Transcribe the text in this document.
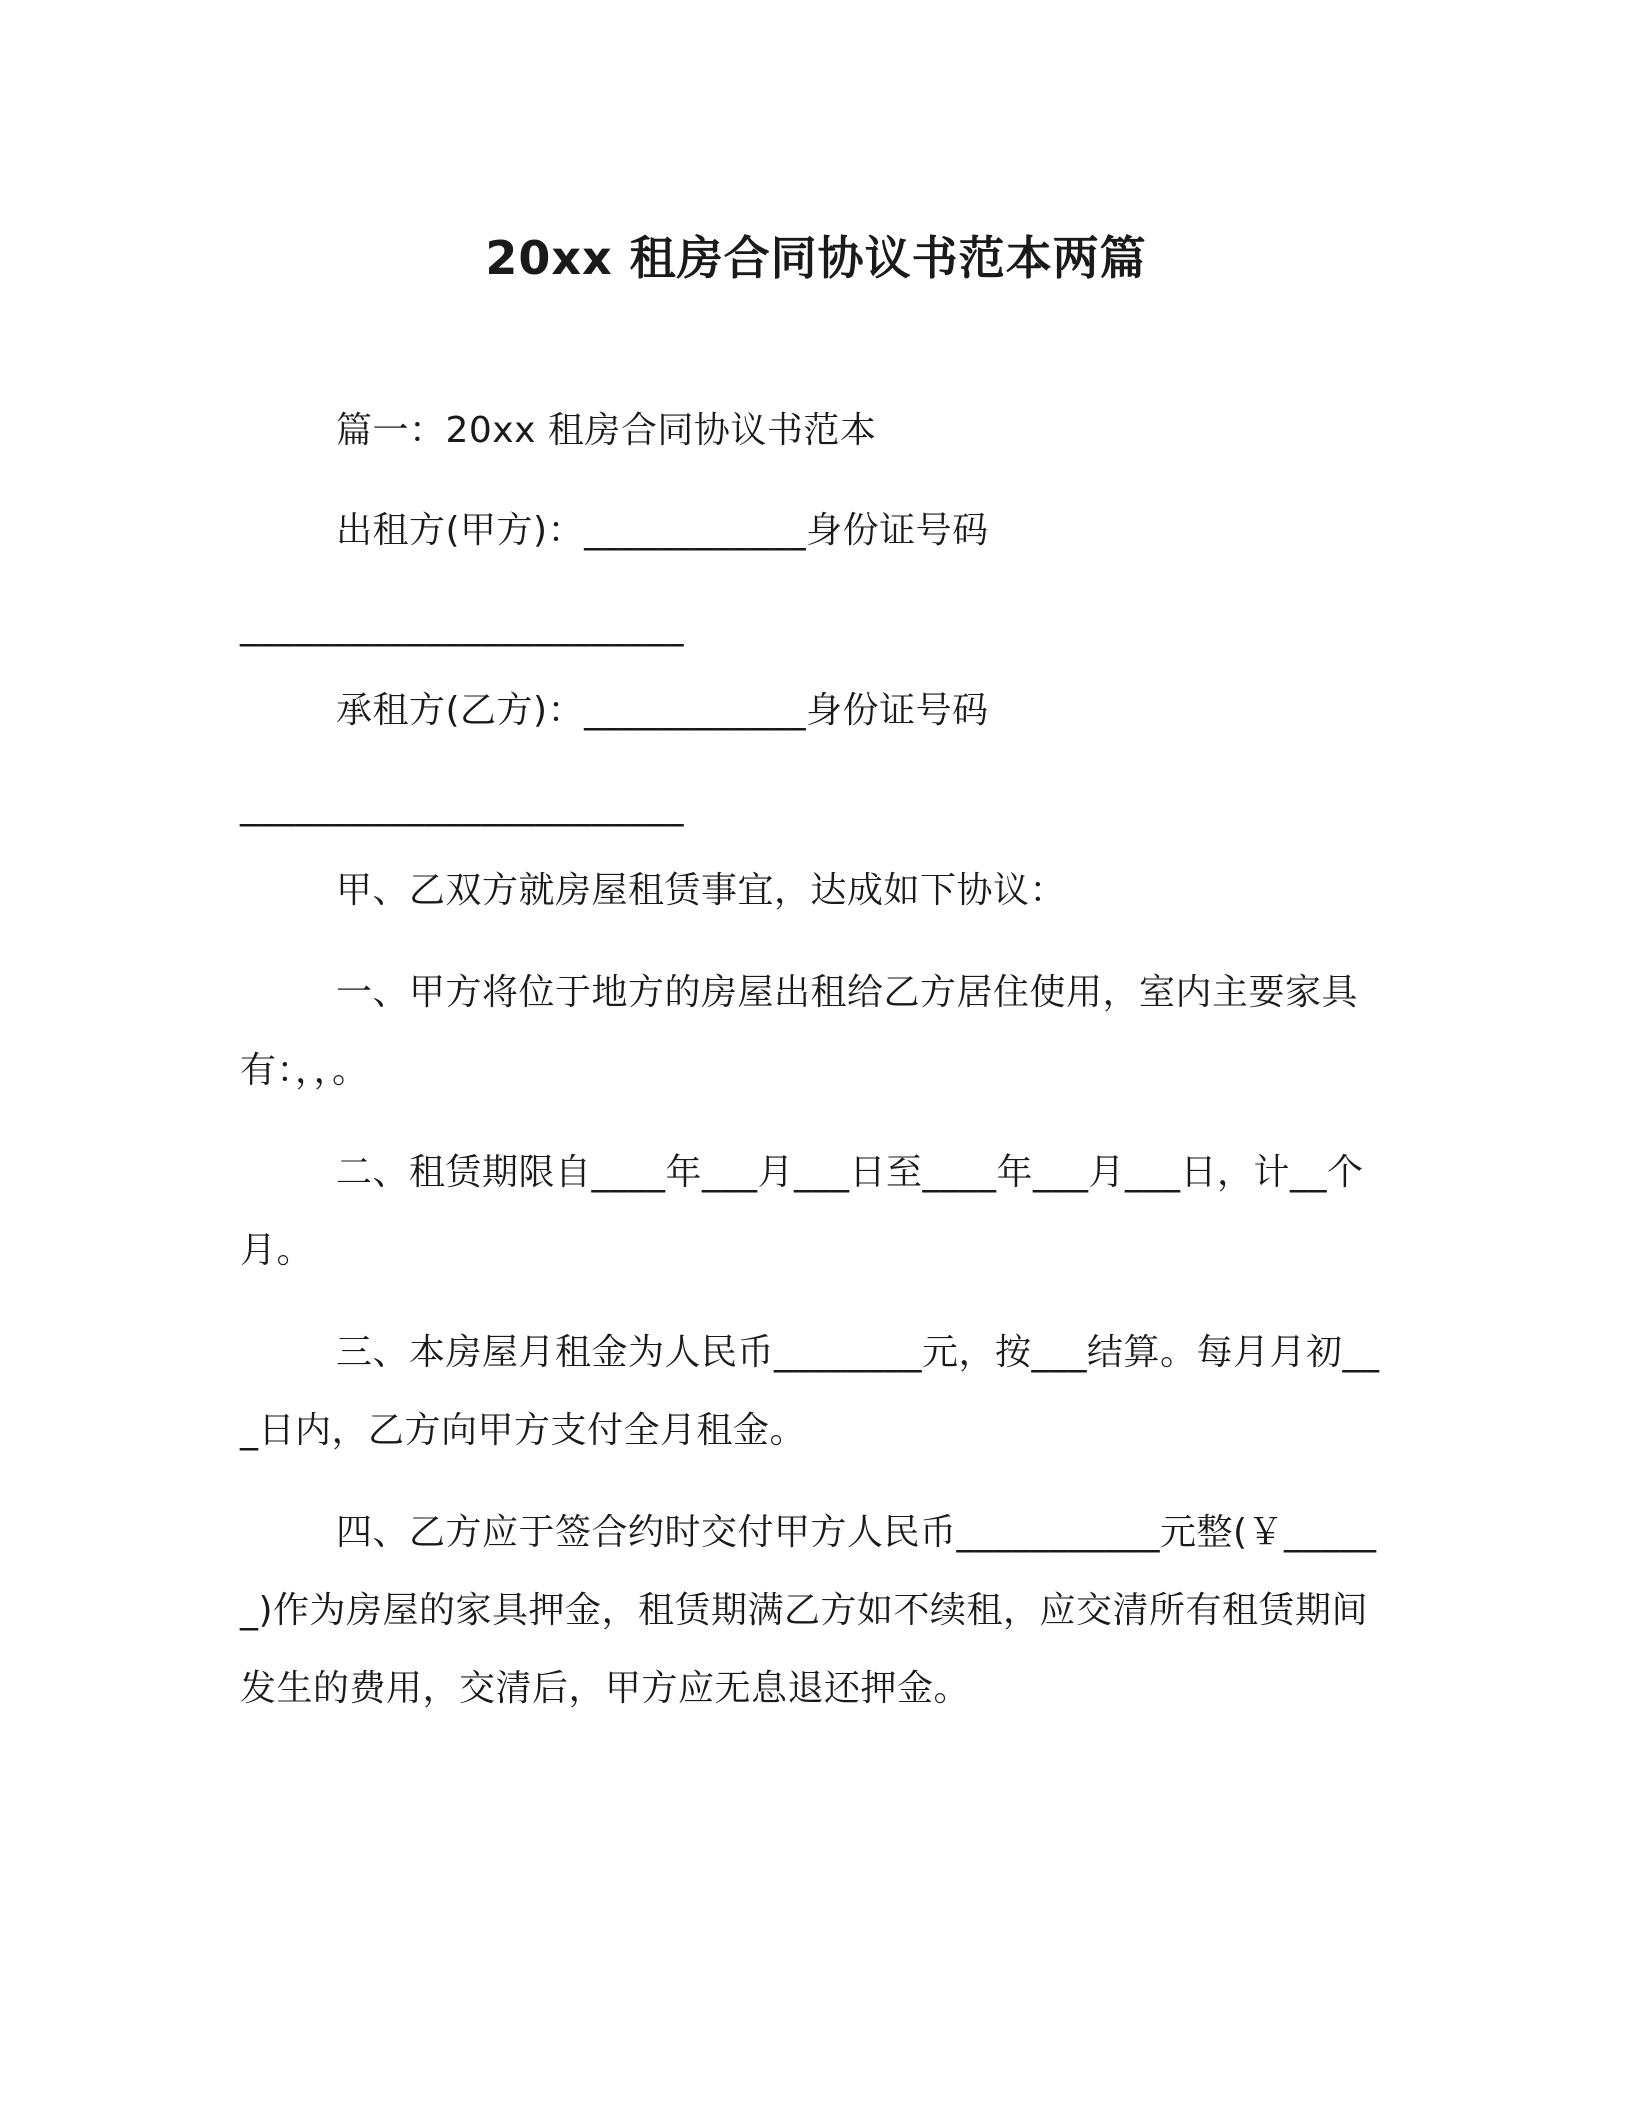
20xx 租房合同协议书范本两篇
篇一：20xx 租房合同协议书范本
出租方(甲方)：____________身份证号码
________________________
承租方(乙方)：____________身份证号码
________________________
甲、乙双方就房屋租赁事宜，达成如下协议：
一、甲方将位于地方的房屋出租给乙方居住使用，室内主要家具有：，，。
二、租赁期限自____年___月___日至____年___月___日，计__个月。
三、本房屋月租金为人民币________元，按___结算。每月月初___日内，乙方向甲方支付全月租金。
四、乙方应于签合约时交付甲方人民币___________元整(￥______)作为房屋的家具押金，租赁期满乙方如不续租，应交清所有租赁期间发生的费用，交清后，甲方应无息退还押金。
